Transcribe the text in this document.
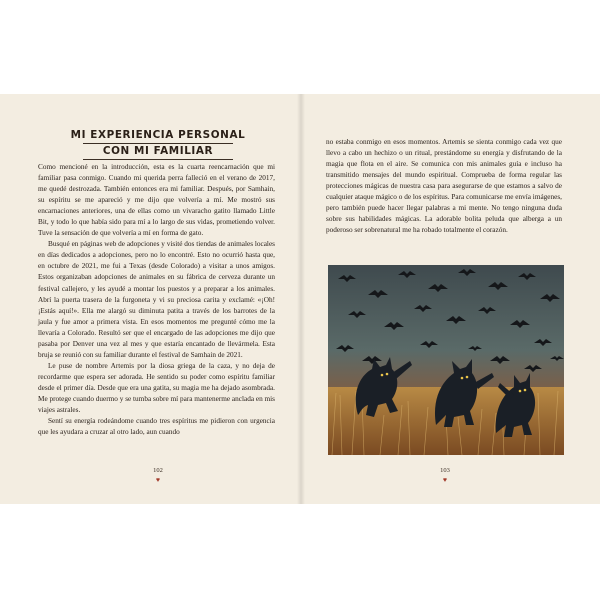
MI EXPERIENCIA PERSONAL
CON MI FAMILIAR

Como mencioné en la introducción, esta es la cuarta reencarnación que mi familiar pasa conmigo. Cuando mi querida perra falleció en el verano de 2017, me quedé destrozada. También entonces era mi familiar. Después, por Samhain, su espíritu se me apareció y me dijo que volvería a mí. Me mostró sus encarnaciones anteriores, una de ellas como un vivaracho gatito llamado Little Bit, y todo lo que había sido para mí a lo largo de sus vidas, prometiendo volver. Tuve la sensación de que volvería a mí en forma de gato.

Busqué en páginas web de adopciones y visité dos tiendas de animales locales en días dedicados a adopciones, pero no lo encontré. Esto no ocurrió hasta que, en octubre de 2021, me fui a Texas (desde Colorado) a visitar a unos amigos. Estos organizaban adopciones de animales en su fábrica de cerveza durante un festival callejero, y les ayudé a montar los puestos y a preparar a los animales. Abrí la puerta trasera de la furgoneta y vi su preciosa carita y exclamé: «¡Oh! ¡Estás aquí!». Ella me alargó su diminuta patita a través de los barrotes de la jaula y fue amor a primera vista. En esos momentos me pregunté cómo me la llevaría a Colorado. Resultó ser que el encargado de las adopciones me dijo que pasaba por Denver una vez al mes y que estaría encantado de llevármela. Esta bruja se reunió con su familiar durante el festival de Samhain de 2021.

Le puse de nombre Artemis por la diosa griega de la caza, y no deja de recordarme que espera ser adorada. He sentido su poder como espíritu familiar desde el primer día. Desde que era una gatita, su magia me ha dejado asombrada. Me protege cuando duermo y se tumba sobre mí para mantenerme anclada en mis viajes astrales.

Sentí su energía rodeándome cuando tres espíritus me pidieron con urgencia que les ayudara a cruzar al otro lado, aun cuando

102
♥

no estaba conmigo en esos momentos. Artemis se sienta conmigo cada vez que llevo a cabo un hechizo o un ritual, prestándome su energía y disfrutando de la magia que flota en el aire. Se comunica con mis animales guía e incluso ha transmitido mensajes del mundo espiritual. Comprueba de forma regular las protecciones mágicas de nuestra casa para asegurarse de que estamos a salvo de cualquier ataque mágico o de los espíritus. Para comunicarse me envía imágenes, pero también puede hacer llegar palabras a mi mente. No tengo ninguna duda sobre sus habilidades mágicas. La adorable bolita peluda que alberga a un poderoso ser sobrenatural me ha robado totalmente el corazón.

103
♥
